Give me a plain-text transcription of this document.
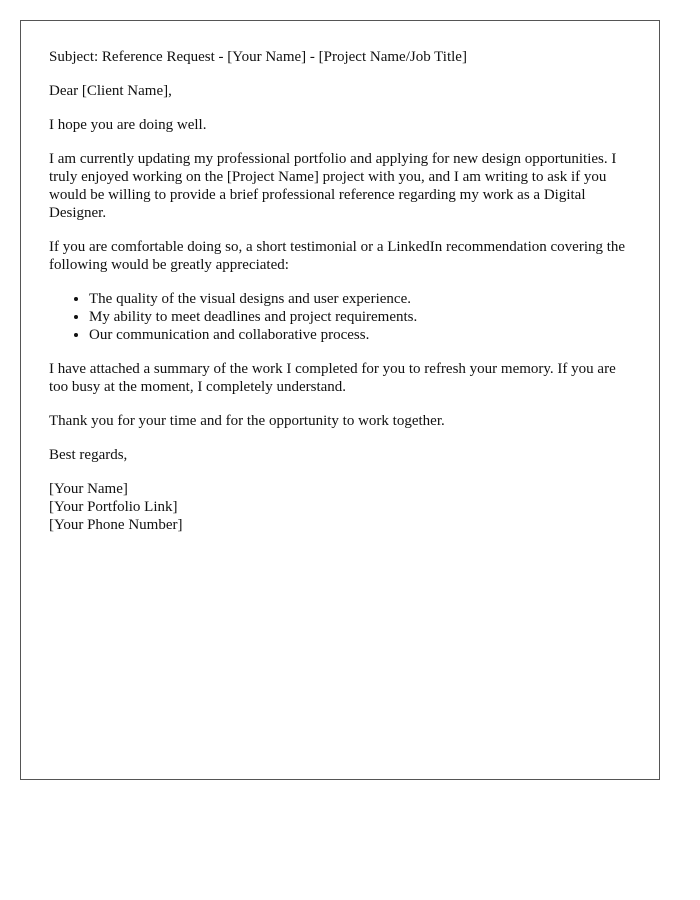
Subject: Reference Request - [Your Name] - [Project Name/Job Title]

Dear [Client Name],

I hope you are doing well.

I am currently updating my professional portfolio and applying for new design opportunities. I truly enjoyed working on the [Project Name] project with you, and I am writing to ask if you would be willing to provide a brief professional reference regarding my work as a Digital Designer.

If you are comfortable doing so, a short testimonial or a LinkedIn recommendation covering the following would be greatly appreciated:

• The quality of the visual designs and user experience.
• My ability to meet deadlines and project requirements.
• Our communication and collaborative process.

I have attached a summary of the work I completed for you to refresh your memory. If you are too busy at the moment, I completely understand.

Thank you for your time and for the opportunity to work together.

Best regards,

[Your Name]
[Your Portfolio Link]
[Your Phone Number]
